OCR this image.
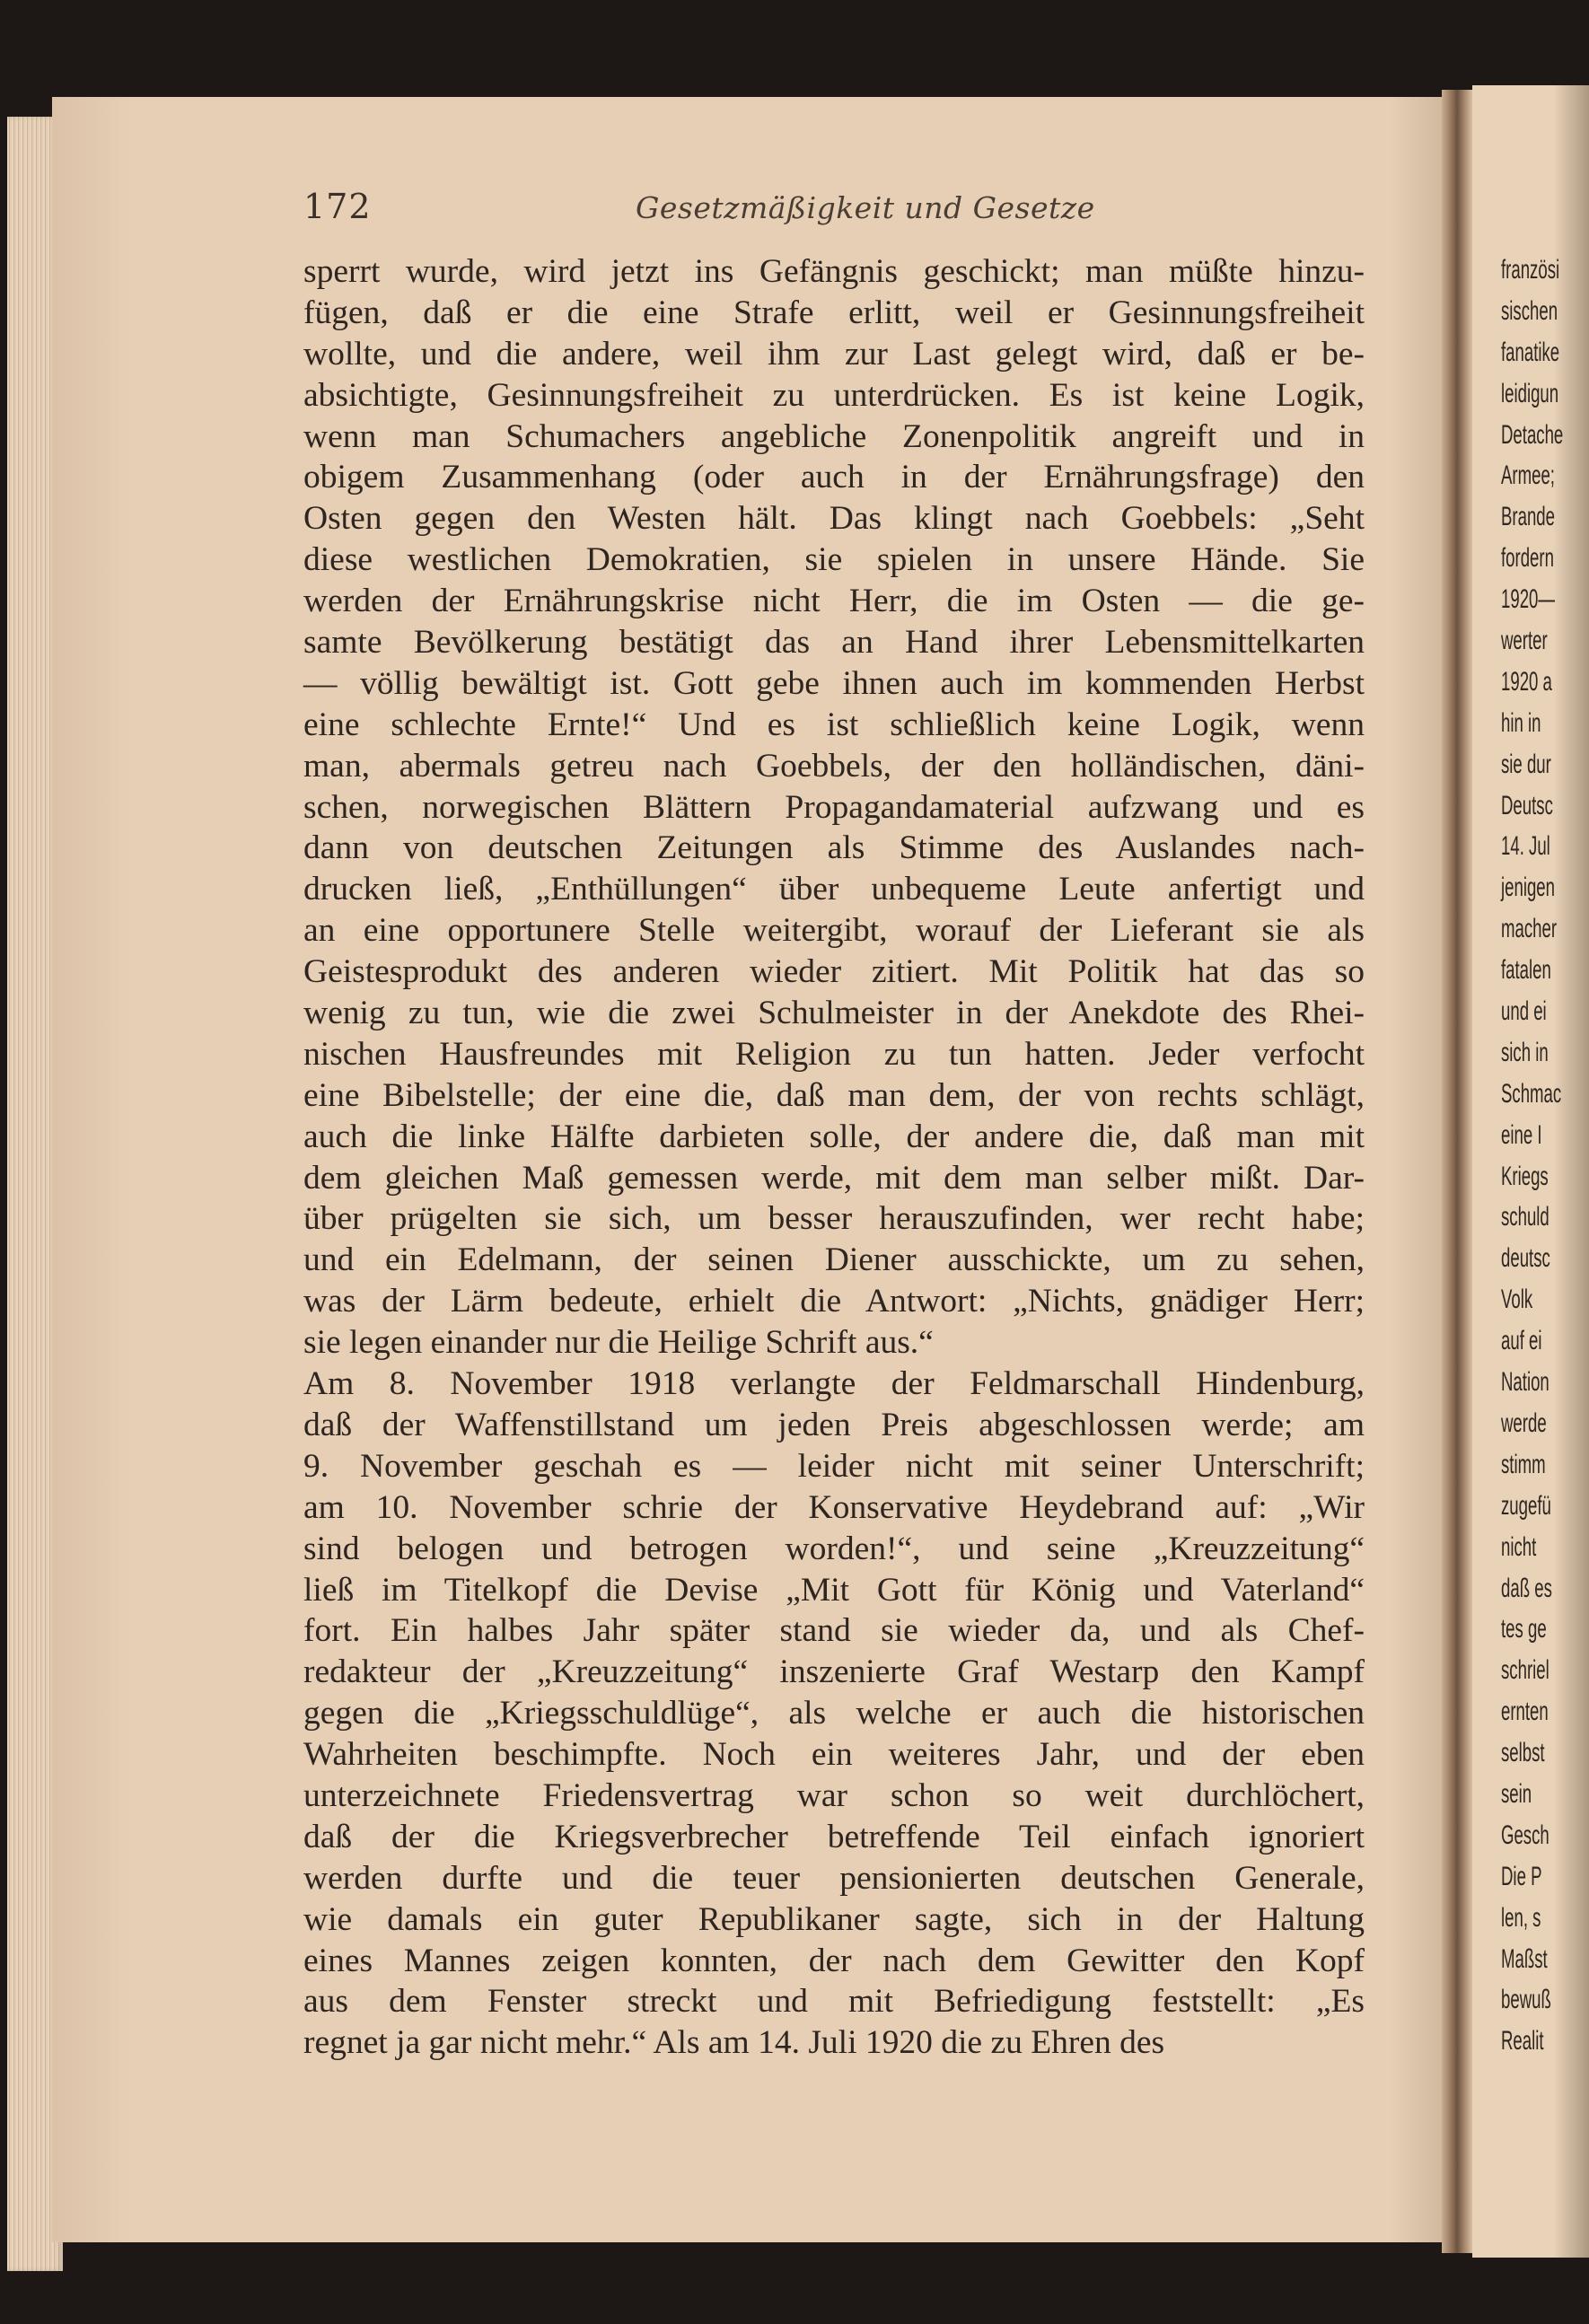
172	Gesetzmäßigkeit und Gesetze
sperrt wurde, wird jetzt ins Gefängnis geschickt; man müßte hinzu-
fügen, daß er die eine Strafe erlitt, weil er Gesinnungsfreiheit
wollte, und die andere, weil ihm zur Last gelegt wird, daß er be-
absichtigte, Gesinnungsfreiheit zu unterdrücken. Es ist keine Logik,
wenn man Schumachers angebliche Zonenpolitik angreift und in
obigem Zusammenhang (oder auch in der Ernährungsfrage) den
Osten gegen den Westen hält. Das klingt nach Goebbels: „Seht
diese westlichen Demokratien, sie spielen in unsere Hände. Sie
werden der Ernährungskrise nicht Herr, die im Osten — die ge-
samte Bevölkerung bestätigt das an Hand ihrer Lebensmittelkarten
— völlig bewältigt ist. Gott gebe ihnen auch im kommenden Herbst
eine schlechte Ernte!“ Und es ist schließlich keine Logik, wenn
man, abermals getreu nach Goebbels, der den holländischen, däni-
schen, norwegischen Blättern Propagandamaterial aufzwang und es
dann von deutschen Zeitungen als Stimme des Auslandes nach-
drucken ließ, „Enthüllungen“ über unbequeme Leute anfertigt und
an eine opportunere Stelle weitergibt, worauf der Lieferant sie als
Geistesprodukt des anderen wieder zitiert. Mit Politik hat das so
wenig zu tun, wie die zwei Schulmeister in der Anekdote des Rhei-
nischen Hausfreundes mit Religion zu tun hatten. Jeder verfocht
eine Bibelstelle; der eine die, daß man dem, der von rechts schlägt,
auch die linke Hälfte darbieten solle, der andere die, daß man mit
dem gleichen Maß gemessen werde, mit dem man selber mißt. Dar-
über prügelten sie sich, um besser herauszufinden, wer recht habe;
und ein Edelmann, der seinen Diener ausschickte, um zu sehen,
was der Lärm bedeute, erhielt die Antwort: „Nichts, gnädiger Herr;
sie legen einander nur die Heilige Schrift aus.“
Am 8. November 1918 verlangte der Feldmarschall Hindenburg,
daß der Waffenstillstand um jeden Preis abgeschlossen werde; am
9. November geschah es — leider nicht mit seiner Unterschrift;
am 10. November schrie der Konservative Heydebrand auf: „Wir
sind belogen und betrogen worden!“, und seine „Kreuzzeitung“
ließ im Titelkopf die Devise „Mit Gott für König und Vaterland“
fort. Ein halbes Jahr später stand sie wieder da, und als Chef-
redakteur der „Kreuzzeitung“ inszenierte Graf Westarp den Kampf
gegen die „Kriegsschuldlüge“, als welche er auch die historischen
Wahrheiten beschimpfte. Noch ein weiteres Jahr, und der eben
unterzeichnete Friedensvertrag war schon so weit durchlöchert,
daß der die Kriegsverbrecher betreffende Teil einfach ignoriert
werden durfte und die teuer pensionierten deutschen Generale,
wie damals ein guter Republikaner sagte, sich in der Haltung
eines Mannes zeigen konnten, der nach dem Gewitter den Kopf
aus dem Fenster streckt und mit Befriedigung feststellt: „Es
regnet ja gar nicht mehr.“ Als am 14. Juli 1920 die zu Ehren des
französi
sischen
fanatike
leidigun
Detache
Armee;
Brande
fordern
1920—
werter
1920 a
hin in
sie dur
Deutsc
14. Jul
jenigen
macher
fatalen
und ei
sich in
Schmac
eine I
Kriegs
schuld
deutsc
Volk
auf ei
Nation
werde
stimm
zugefü
nicht
daß es
tes ge
schriel
ernten
selbst
sein
Gesch
Die P
len, s
Maßst
bewuß
Realit
